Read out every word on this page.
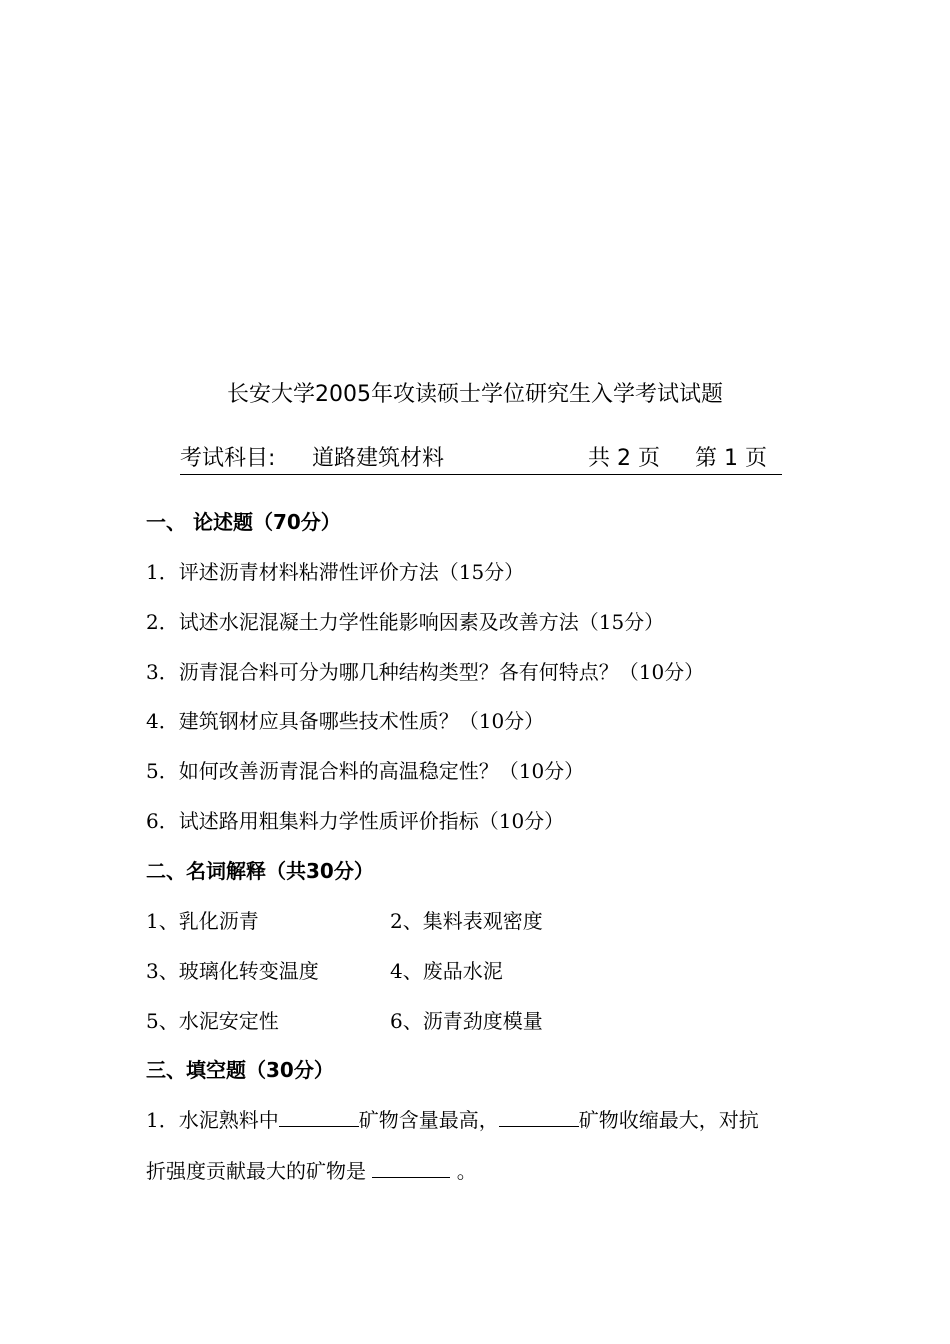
长安大学2005年攻读硕士学位研究生入学考试试题
考试科目: 道路建筑材料	共 2 页 第 1 页
一、 论述题（70分）
1．评述沥青材料粘滞性评价方法（15分）
2．试述水泥混凝土力学性能影响因素及改善方法（15分）
3．沥青混合料可分为哪几种结构类型？各有何特点？（10分）
4．建筑钢材应具备哪些技术性质？（10分）
5．如何改善沥青混合料的高温稳定性？（10分）
6．试述路用粗集料力学性质评价指标（10分）
二、名词解释（共30分）
1、乳化沥青	2、集料表观密度
3、玻璃化转变温度	4、废品水泥
5、水泥安定性	6、沥青劲度模量
三、填空题（30分）
1．水泥熟料中	矿物含量最高，	矿物收缩最大，对抗
折强度贡献最大的矿物是	。
